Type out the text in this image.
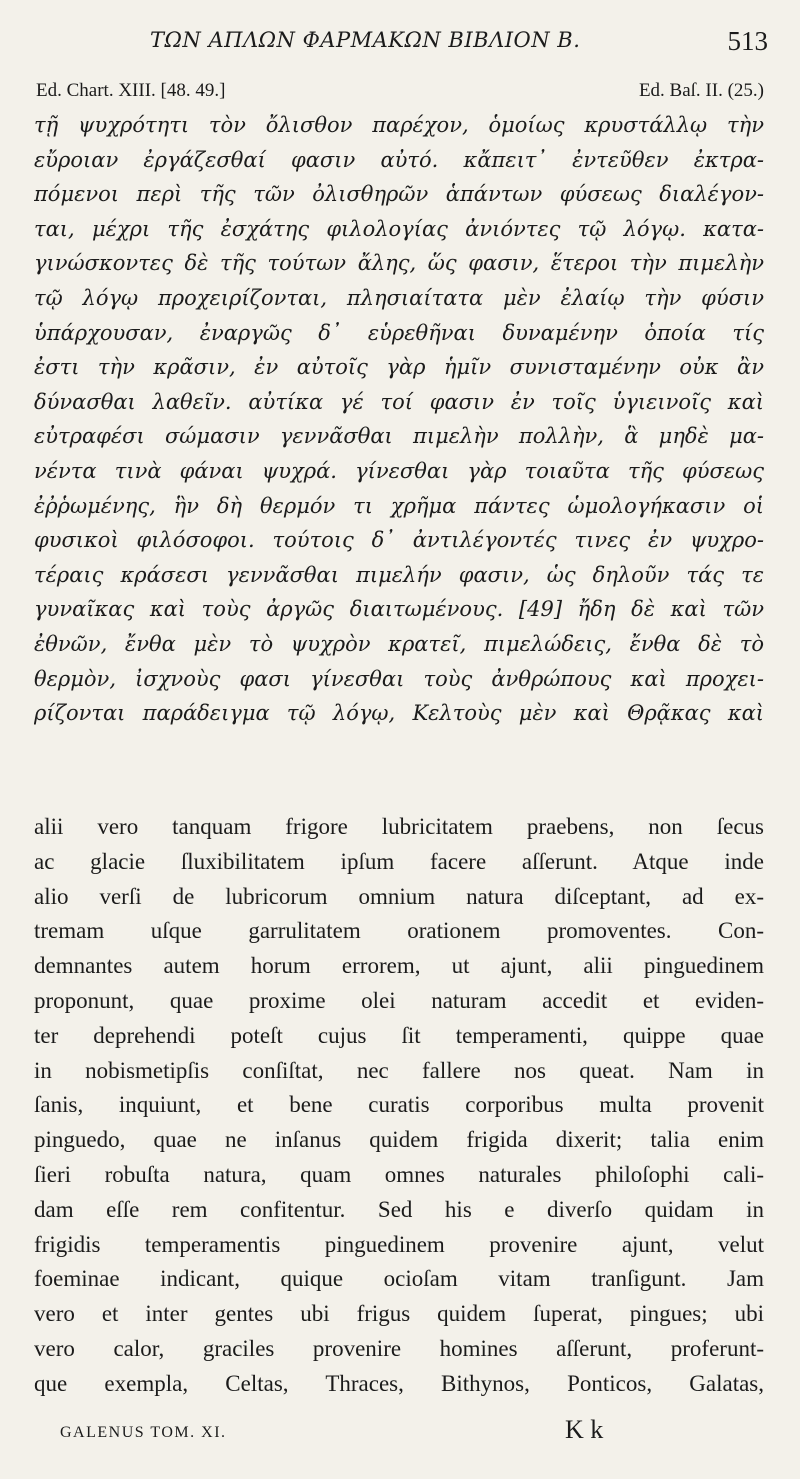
ΤΩΝ ΑΠΛΩΝ ΦΑΡΜΑΚΩΝ ΒΙΒΛΙΟΝ Β.	513
Ed. Chart. XIII. [48. 49.]	Ed. Baſ. II. (25.)
τῇ ψυχρότητι τὸν ὄλισθον παρέχον, ὁμοίως κρυστάλλῳ τὴν
εὔροιαν ἐργάζεσθαί φασιν αὐτό. κἄπειτ᾽ ἐντεῦθεν ἐκτρα-
πόμενοι περὶ τῆς τῶν ὀλισθηρῶν ἁπάντων φύσεως διαλέγον-
ται, μέχρι τῆς ἐσχάτης φιλολογίας ἀνιόντες τῷ λόγῳ. κατα-
γινώσκοντες δὲ τῆς τούτων ἄλης, ὥς φασιν, ἕτεροι τὴν πιμελὴν
τῷ λόγῳ προχειρίζονται, πλησιαίτατα μὲν ἐλαίῳ τὴν φύσιν
ὑπάρχουσαν, ἐναργῶς δ᾽ εὑρεθῆναι δυναμένην ὁποία τίς
ἐστι τὴν κρᾶσιν, ἐν αὐτοῖς γὰρ ἡμῖν συνισταμένην οὐκ ἂν
δύνασθαι λαθεῖν. αὐτίκα γέ τοί φασιν ἐν τοῖς ὑγιεινοῖς καὶ
εὐτραφέσι σώμασιν γεννᾶσθαι πιμελὴν πολλὴν, ἃ μηδὲ μα-
νέντα τινὰ φάναι ψυχρά. γίνεσθαι γὰρ τοιαῦτα τῆς φύσεως
ἐῤῥωμένης, ἣν δὴ θερμόν τι χρῆμα πάντες ὡμολογήκασιν οἱ
φυσικοὶ φιλόσοφοι. τούτοις δ᾽ ἀντιλέγοντές τινες ἐν ψυχρο-
τέραις κράσεσι γεννᾶσθαι πιμελήν φασιν, ὡς δηλοῦν τάς τε
γυναῖκας καὶ τοὺς ἀργῶς διαιτωμένους. [49] ἤδη δὲ καὶ τῶν
ἐθνῶν, ἔνθα μὲν τὸ ψυχρὸν κρατεῖ, πιμελώδεις, ἔνθα δὲ τὸ
θερμὸν, ἰσχνοὺς φασι γίνεσθαι τοὺς ἀνθρώπους καὶ προχει-
ρίζονται παράδειγμα τῷ λόγῳ, Κελτοὺς μὲν καὶ Θρᾷκας καὶ
alii vero tanquam frigore lubricitatem praebens, non ſecus
ac glacie ſluxibilitatem ipſum facere aſſerunt. Atque inde
alio verſi de lubricorum omnium natura diſceptant, ad ex-
tremam uſque garrulitatem orationem promoventes. Con-
demnantes autem horum errorem, ut ajunt, alii pinguedinem
proponunt, quae proxime olei naturam accedit et eviden-
ter deprehendi poteſt cujus ſit temperamenti, quippe quae
in nobismetipſis conſiſtat, nec fallere nos queat. Nam in
ſanis, inquiunt, et bene curatis corporibus multa provenit
pinguedo, quae ne inſanus quidem frigida dixerit; talia enim
ſieri robuſta natura, quam omnes naturales philoſophi cali-
dam eſſe rem confitentur. Sed his e diverſo quidam in
frigidis temperamentis pinguedinem provenire ajunt, velut
foeminae indicant, quique ocioſam vitam tranſigunt. Jam
vero et inter gentes ubi frigus quidem ſuperat, pingues; ubi
vero calor, graciles provenire homines aſſerunt, proferunt-
que exempla, Celtas, Thraces, Bithynos, Ponticos, Galatas,
GALENUS TOM. XI.	K k
